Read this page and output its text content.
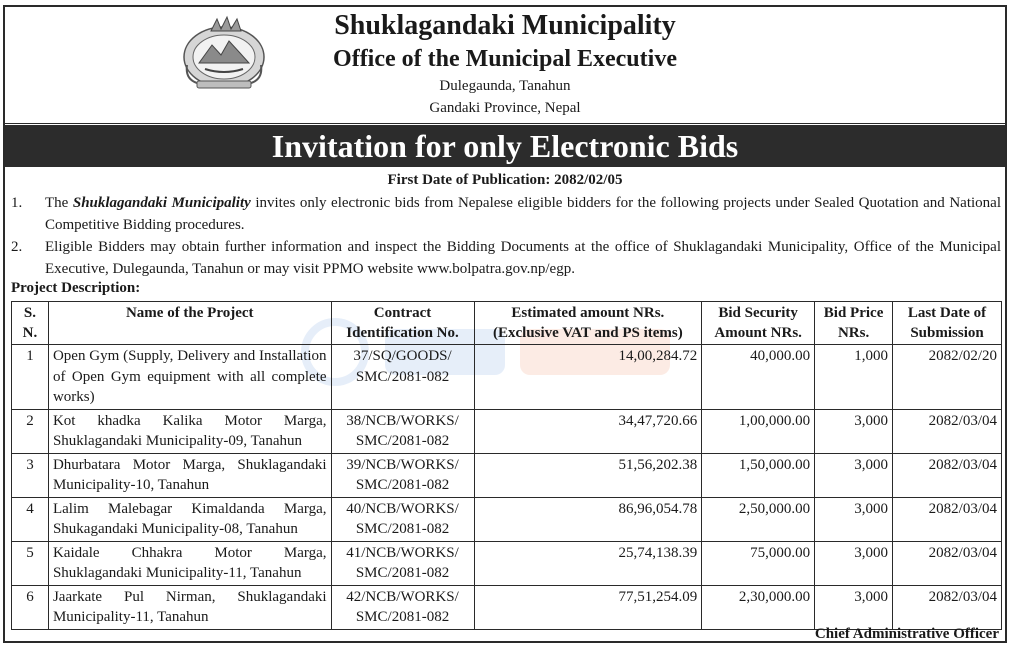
Shuklagandaki Municipality
Office of the Municipal Executive
Dulegaunda, Tanahun
Gandaki Province, Nepal
Invitation for only Electronic Bids
First Date of Publication: 2082/02/05
1. The Shuklagandaki Municipality invites only electronic bids from Nepalese eligible bidders for the following projects under Sealed Quotation and National Competitive Bidding procedures.
2. Eligible Bidders may obtain further information and inspect the Bidding Documents at the office of Shuklagandaki Municipality, Office of the Municipal Executive, Dulegaunda, Tanahun or may visit PPMO website www.bolpatra.gov.np/egp.
Project Description:
S. N.	Name of the Project	Contract Identification No.	Estimated amount NRs. (Exclusive VAT and PS items)	Bid Security Amount NRs.	Bid Price NRs.	Last Date of Submission
1	Open Gym (Supply, Delivery and Installation of Open Gym equipment with all complete works)	37/SQ/GOODS/ SMC/2081-082	14,00,284.72	40,000.00	1,000	2082/02/20
2	Kot khadka Kalika Motor Marga, Shuklagandaki Municipality-09, Tanahun	38/NCB/WORKS/ SMC/2081-082	34,47,720.66	1,00,000.00	3,000	2082/03/04
3	Dhurbatara Motor Marga, Shuklagandaki Municipality-10, Tanahun	39/NCB/WORKS/ SMC/2081-082	51,56,202.38	1,50,000.00	3,000	2082/03/04
4	Lalim Malebagar Kimaldanda Marga, Shukagandaki Municipality-08, Tanahun	40/NCB/WORKS/ SMC/2081-082	86,96,054.78	2,50,000.00	3,000	2082/03/04
5	Kaidale Chhakra Motor Marga, Shuklagandaki Municipality-11, Tanahun	41/NCB/WORKS/ SMC/2081-082	25,74,138.39	75,000.00	3,000	2082/03/04
6	Jaarkate Pul Nirman, Shuklagandaki Municipality-11, Tanahun	42/NCB/WORKS/ SMC/2081-082	77,51,254.09	2,30,000.00	3,000	2082/03/04
Chief Administrative Officer
